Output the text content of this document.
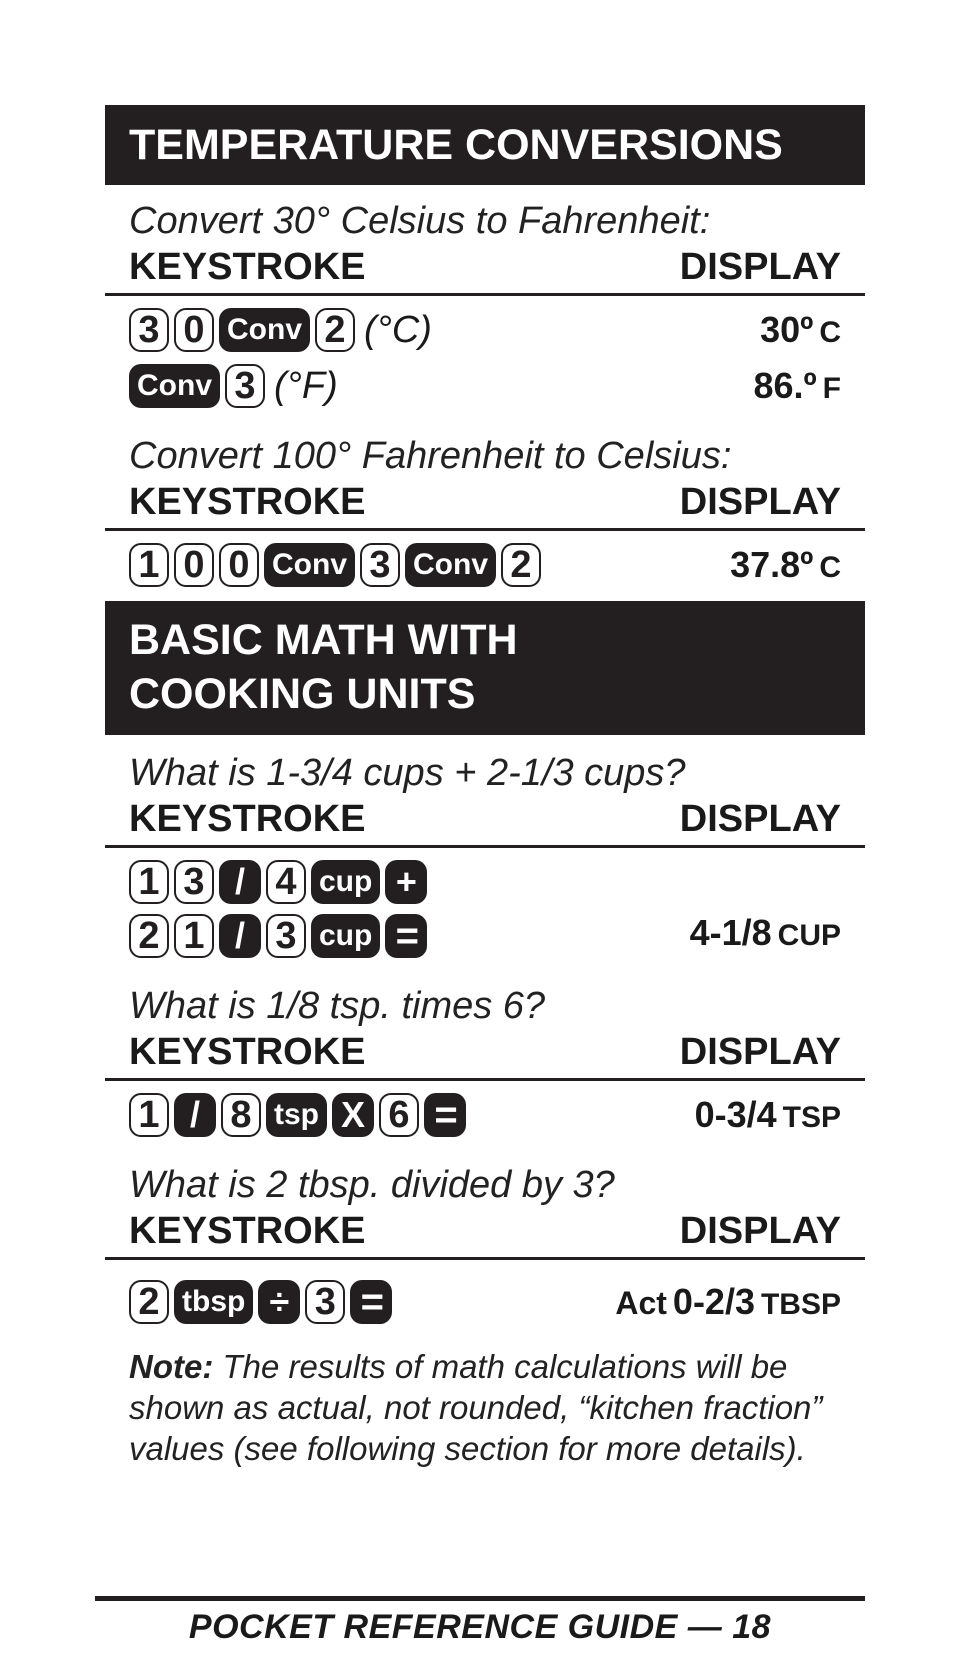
TEMPERATURE CONVERSIONS
Convert 30° Celsius to Fahrenheit:
KEYSTROKE	DISPLAY
3 0 Conv 2 (°C)	30º C
Conv 3 (°F)	86.º F
Convert 100° Fahrenheit to Celsius:
KEYSTROKE	DISPLAY
1 0 0 Conv 3 Conv 2	37.8º C
BASIC MATH WITH
COOKING UNITS
What is 1-3/4 cups + 2-1/3 cups?
KEYSTROKE	DISPLAY
1 3 / 4 cup +
2 1 / 3 cup =	4-1/8 CUP
What is 1/8 tsp. times 6?
KEYSTROKE	DISPLAY
1 / 8 tsp X 6 =	0-3/4 TSP
What is 2 tbsp. divided by 3?
KEYSTROKE	DISPLAY
2 tbsp ÷ 3 =	Act 0-2/3 TBSP
Note: The results of math calculations will be shown as actual, not rounded, “kitchen fraction” values (see following section for more details).
POCKET REFERENCE GUIDE — 18
